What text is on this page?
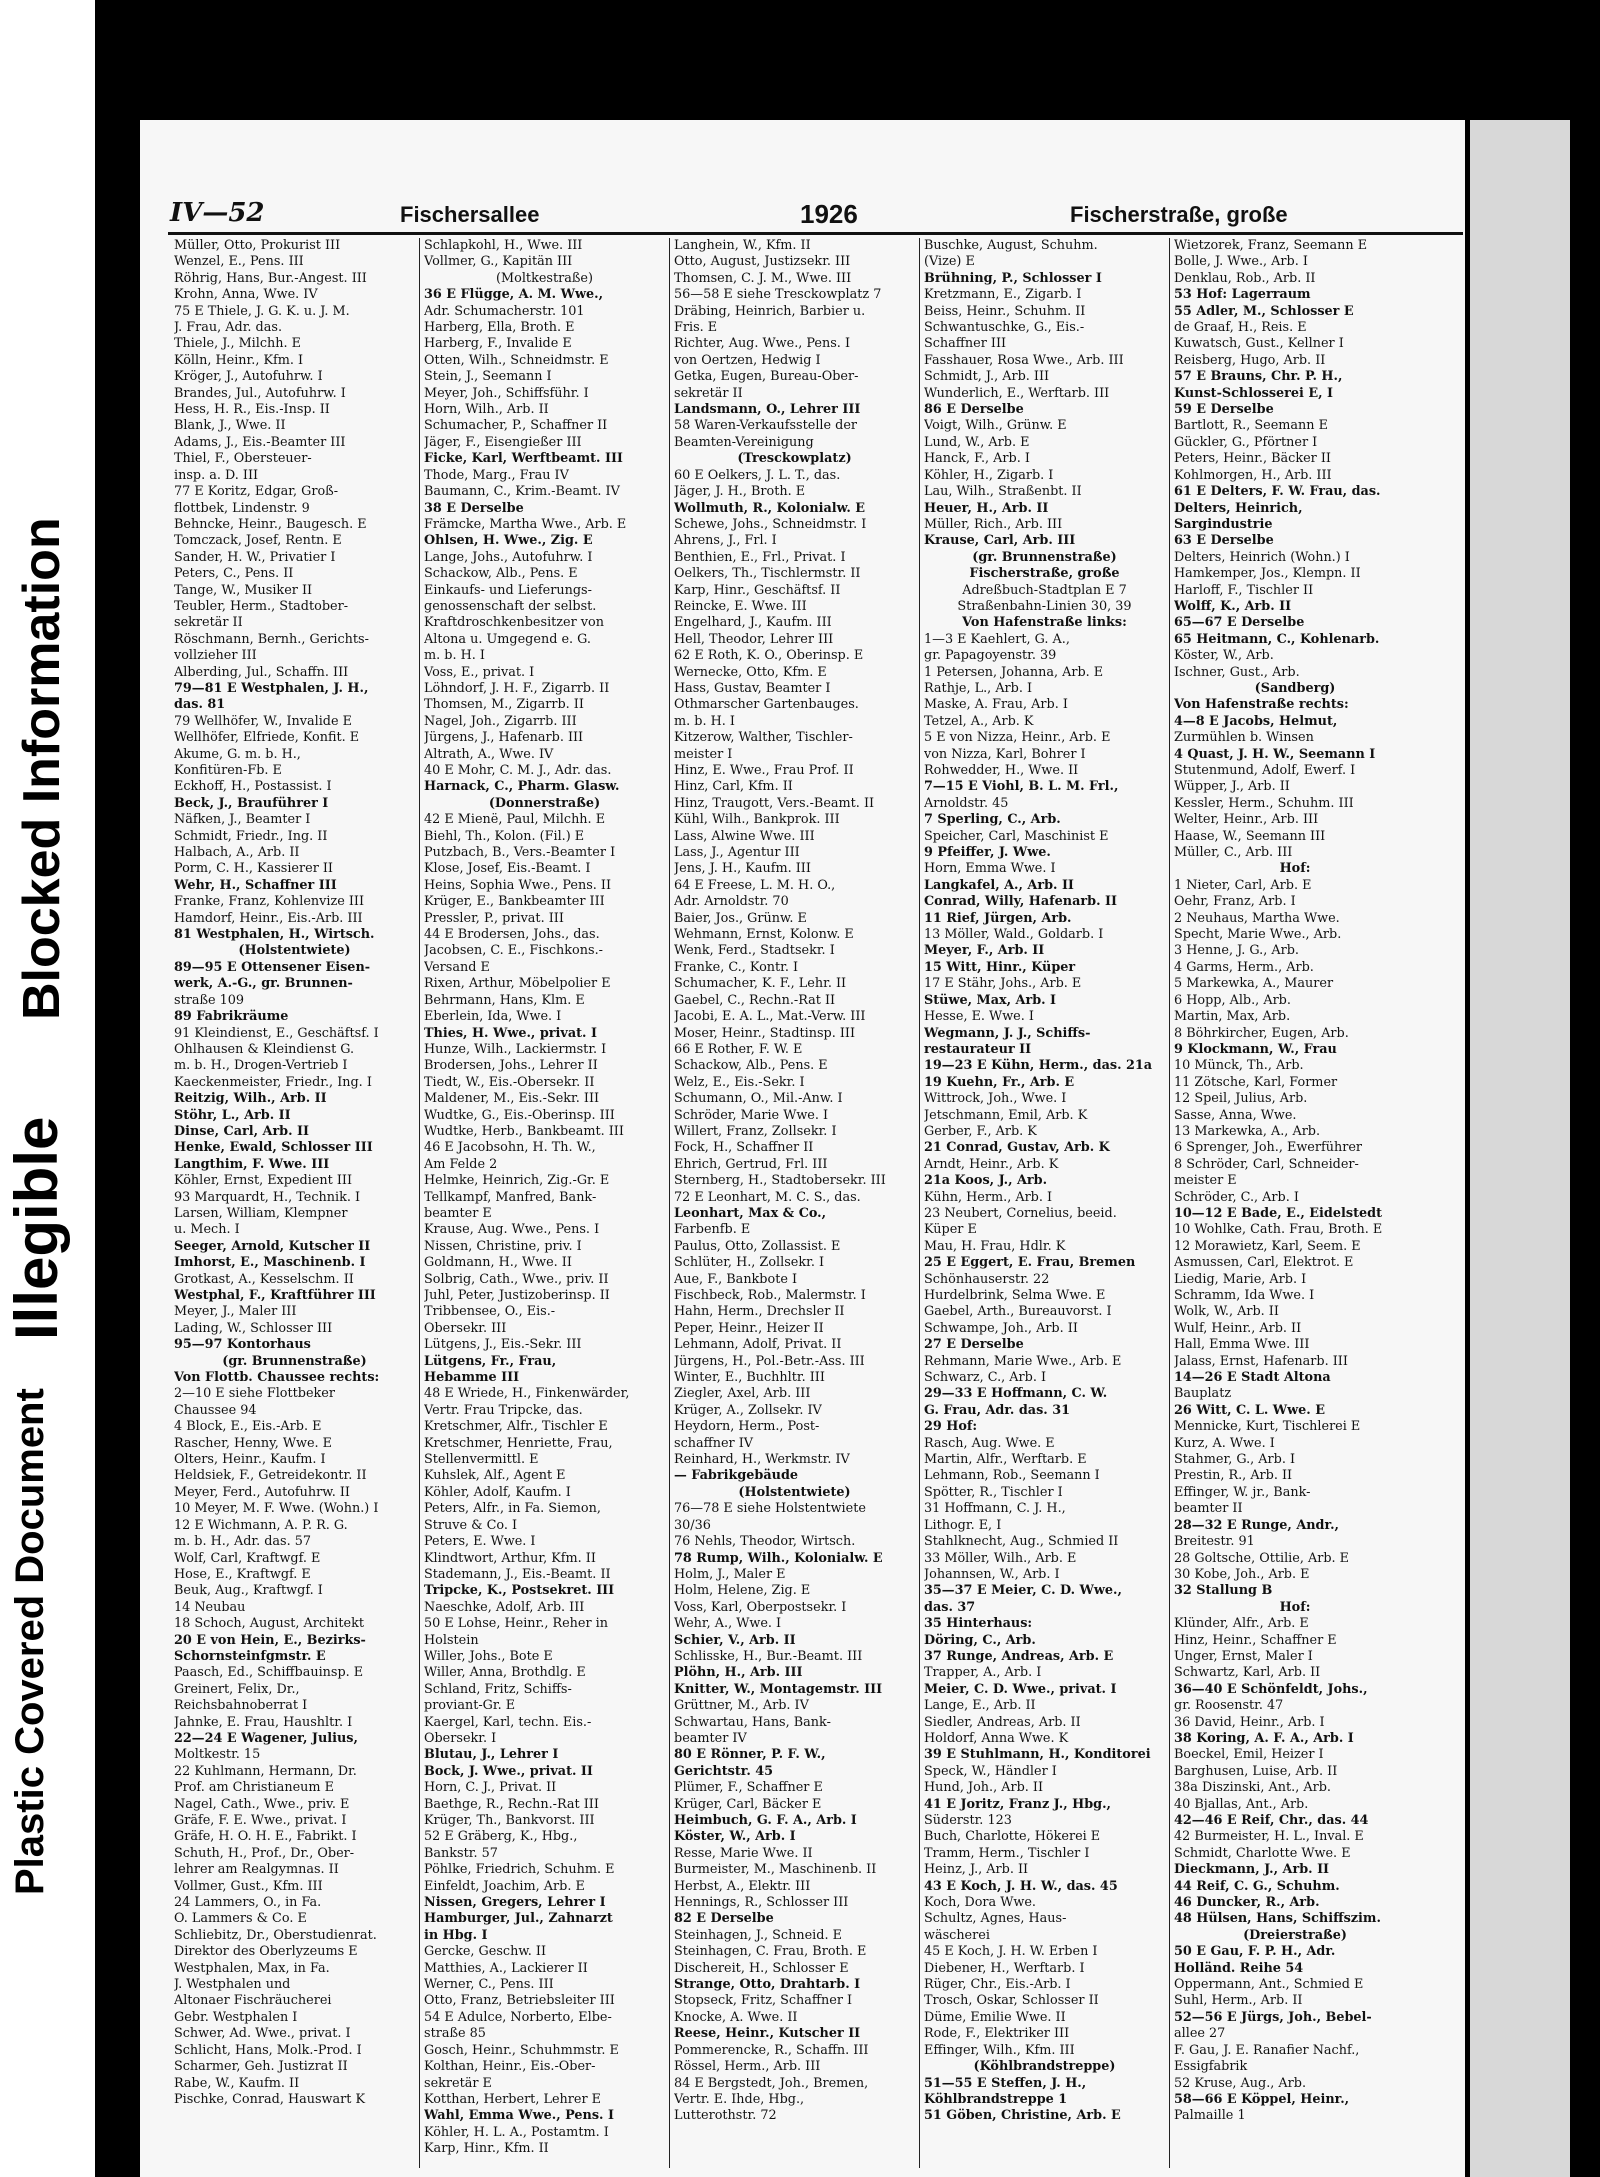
Plastic Covered Document
Illegible
Blocked Information
IV—52	Fischersallee	1926	Fischerstraße, große
Müller, Otto, Prokurist III
Wenzel, E., Pens. III
Röhrig, Hans, Bur.-Angest. III
Krohn, Anna, Wwe. IV
75 E Thiele, J. G. K. u. J. M.
J. Frau, Adr. das.
Thiele, J., Milchh. E
Kölln, Heinr., Kfm. I
Kröger, J., Autofuhrw. I
Brandes, Jul., Autofuhrw. I
Hess, H. R., Eis.-Insp. II
Blank, J., Wwe. II
Adams, J., Eis.-Beamter III
Thiel, F., Obersteuer-
insp. a. D. III
77 E Koritz, Edgar, Groß-
flottbek, Lindenstr. 9
Behncke, Heinr., Baugesch. E
Tomczack, Josef, Rentn. E
Sander, H. W., Privatier I
Peters, C., Pens. II
Tange, W., Musiker II
Teubler, Herm., Stadtober-
sekretär II
Röschmann, Bernh., Gerichts-
vollzieher III
Alberding, Jul., Schaffn. III
79—81 E Westphalen, J. H.,
das. 81
79 Wellhöfer, W., Invalide E
Wellhöfer, Elfriede, Konfit. E
Akume, G. m. b. H.,
Konfitüren-Fb. E
Eckhoff, H., Postassist. I
Beck, J., Brauführer I
Näfken, J., Beamter I
Schmidt, Friedr., Ing. II
Halbach, A., Arb. II
Porm, C. H., Kassierer II
Wehr, H., Schaffner III
Franke, Franz, Kohlenvize III
Hamdorf, Heinr., Eis.-Arb. III
81 Westphalen, H., Wirtsch.
(Holstentwiete)
89—95 E Ottensener Eisen-
werk, A.-G., gr. Brunnen-
straße 109
89 Fabrikräume
91 Kleindienst, E., Geschäftsf. I
Ohlhausen & Kleindienst G.
m. b. H., Drogen-Vertrieb I
Kaeckenmeister, Friedr., Ing. I
Reitzig, Wilh., Arb. II
Stöhr, L., Arb. II
Dinse, Carl, Arb. II
Henke, Ewald, Schlosser III
Langthim, F. Wwe. III
Köhler, Ernst, Expedient III
93 Marquardt, H., Technik. I
Larsen, William, Klempner
u. Mech. I
Seeger, Arnold, Kutscher II
Imhorst, E., Maschinenb. I
Grotkast, A., Kesselschm. II
Westphal, F., Kraftführer III
Meyer, J., Maler III
Lading, W., Schlosser III
95—97 Kontorhaus
(gr. Brunnenstraße)
Von Flottb. Chaussee rechts:
2—10 E siehe Flottbeker
Chaussee 94
4 Block, E., Eis.-Arb. E
Rascher, Henny, Wwe. E
Olters, Heinr., Kaufm. I
Heldsiek, F., Getreidekontr. II
Meyer, Ferd., Autofuhrw. II
10 Meyer, M. F. Wwe. (Wohn.) I
12 E Wichmann, A. P. R. G.
m. b. H., Adr. das. 57
Wolf, Carl, Kraftwgf. E
Hose, E., Kraftwgf. E
Beuk, Aug., Kraftwgf. I
14 Neubau
18 Schoch, August, Architekt
20 E von Hein, E., Bezirks-
Schornsteinfgmstr. E
Paasch, Ed., Schiffbauinsp. E
Greinert, Felix, Dr.,
Reichsbahnoberrat I
Jahnke, E. Frau, Haushltr. I
22—24 E Wagener, Julius,
Moltkestr. 15
22 Kuhlmann, Hermann, Dr.
Prof. am Christianeum E
Nagel, Cath., Wwe., priv. E
Gräfe, F. E. Wwe., privat. I
Gräfe, H. O. H. E., Fabrikt. I
Schuth, H., Prof., Dr., Ober-
lehrer am Realgymnas. II
Vollmer, Gust., Kfm. III
24 Lammers, O., in Fa.
O. Lammers & Co. E
Schliebitz, Dr., Oberstudienrat.
Direktor des Oberlyzeums E
Westphalen, Max, in Fa.
J. Westphalen und
Altonaer Fischräucherei
Gebr. Westphalen I
Schwer, Ad. Wwe., privat. I
Schlicht, Hans, Molk.-Prod. I
Scharmer, Geh. Justizrat II
Rabe, W., Kaufm. II
Pischke, Conrad, Hauswart K
Schlapkohl, H., Wwe. III
Vollmer, G., Kapitän III
(Moltkestraße)
36 E Flügge, A. M. Wwe.,
Adr. Schumacherstr. 101
Harberg, Ella, Broth. E
Harberg, F., Invalide E
Otten, Wilh., Schneidmstr. E
Stein, J., Seemann I
Meyer, Joh., Schiffsführ. I
Horn, Wilh., Arb. II
Schumacher, P., Schaffner II
Jäger, F., Eisengießer III
Ficke, Karl, Werftbeamt. III
Thode, Marg., Frau IV
Baumann, C., Krim.-Beamt. IV
38 E Derselbe
Främcke, Martha Wwe., Arb. E
Ohlsen, H. Wwe., Zig. E
Lange, Johs., Autofuhrw. I
Schackow, Alb., Pens. E
Einkaufs- und Lieferungs-
genossenschaft der selbst.
Kraftdroschkenbesitzer von
Altona u. Umgegend e. G.
m. b. H. I
Voss, E., privat. I
Löhndorf, J. H. F., Zigarrb. II
Thomsen, M., Zigarrb. II
Nagel, Joh., Zigarrb. III
Jürgens, J., Hafenarb. III
Altrath, A., Wwe. IV
40 E Mohr, C. M. J., Adr. das.
Harnack, C., Pharm. Glasw.
(Donnerstraße)
42 E Mienë, Paul, Milchh. E
Biehl, Th., Kolon. (Fil.) E
Putzbach, B., Vers.-Beamter I
Klose, Josef, Eis.-Beamt. I
Heins, Sophia Wwe., Pens. II
Krüger, E., Bankbeamter III
Pressler, P., privat. III
44 E Brodersen, Johs., das.
Jacobsen, C. E., Fischkons.-
Versand E
Rixen, Arthur, Möbelpolier E
Behrmann, Hans, Klm. E
Eberlein, Ida, Wwe. I
Thies, H. Wwe., privat. I
Hunze, Wilh., Lackiermstr. I
Brodersen, Johs., Lehrer II
Tiedt, W., Eis.-Obersekr. II
Maldener, M., Eis.-Sekr. III
Wudtke, G., Eis.-Oberinsp. III
Wudtke, Herb., Bankbeamt. III
46 E Jacobsohn, H. Th. W.,
Am Felde 2
Helmke, Heinrich, Zig.-Gr. E
Tellkampf, Manfred, Bank-
beamter E
Krause, Aug. Wwe., Pens. I
Nissen, Christine, priv. I
Goldmann, H., Wwe. II
Solbrig, Cath., Wwe., priv. II
Juhl, Peter, Justizoberinsp. II
Tribbensee, O., Eis.-
Obersekr. III
Lütgens, J., Eis.-Sekr. III
Lütgens, Fr., Frau,
Hebamme III
48 E Wriede, H., Finkenwärder,
Vertr. Frau Tripcke, das.
Kretschmer, Alfr., Tischler E
Kretschmer, Henriette, Frau,
Stellenvermittl. E
Kuhslek, Alf., Agent E
Köhler, Adolf, Kaufm. I
Peters, Alfr., in Fa. Siemon,
Struve & Co. I
Peters, E. Wwe. I
Klindtwort, Arthur, Kfm. II
Stademann, J., Eis.-Beamt. II
Tripcke, K., Postsekret. III
Naeschke, Adolf, Arb. III
50 E Lohse, Heinr., Reher in
Holstein
Willer, Johs., Bote E
Willer, Anna, Brothdlg. E
Schland, Fritz, Schiffs-
proviant-Gr. E
Kaergel, Karl, techn. Eis.-
Obersekr. I
Blutau, J., Lehrer I
Bock, J. Wwe., privat. II
Horn, C. J., Privat. II
Baethge, R., Rechn.-Rat III
Krüger, Th., Bankvorst. III
52 E Gräberg, K., Hbg.,
Bankstr. 57
Pöhlke, Friedrich, Schuhm. E
Einfeldt, Joachim, Arb. E
Nissen, Gregers, Lehrer I
Hamburger, Jul., Zahnarzt
in Hbg. I
Gercke, Geschw. II
Matthies, A., Lackierer II
Werner, C., Pens. III
Otto, Franz, Betriebsleiter III
54 E Adulce, Norberto, Elbe-
straße 85
Gosch, Heinr., Schuhmmstr. E
Kolthan, Heinr., Eis.-Ober-
sekretär E
Kotthan, Herbert, Lehrer E
Wahl, Emma Wwe., Pens. I
Köhler, H. L. A., Postamtm. I
Karp, Hinr., Kfm. II
Langhein, W., Kfm. II
Otto, August, Justizsekr. III
Thomsen, C. J. M., Wwe. III
56—58 E siehe Tresckowplatz 7
Dräbing, Heinrich, Barbier u.
Fris. E
Richter, Aug. Wwe., Pens. I
von Oertzen, Hedwig I
Getka, Eugen, Bureau-Ober-
sekretär II
Landsmann, O., Lehrer III
58 Waren-Verkaufsstelle der
Beamten-Vereinigung
(Tresckowplatz)
60 E Oelkers, J. L. T., das.
Jäger, J. H., Broth. E
Wollmuth, R., Kolonialw. E
Schewe, Johs., Schneidmstr. I
Ahrens, J., Frl. I
Benthien, E., Frl., Privat. I
Oelkers, Th., Tischlermstr. II
Karp, Hinr., Geschäftsf. II
Reincke, E. Wwe. III
Engelhard, J., Kaufm. III
Hell, Theodor, Lehrer III
62 E Roth, K. O., Oberinsp. E
Wernecke, Otto, Kfm. E
Hass, Gustav, Beamter I
Othmarscher Gartenbauges.
m. b. H. I
Kitzerow, Walther, Tischler-
meister I
Hinz, E. Wwe., Frau Prof. II
Hinz, Carl, Kfm. II
Hinz, Traugott, Vers.-Beamt. II
Kühl, Wilh., Bankprok. III
Lass, Alwine Wwe. III
Lass, J., Agentur III
Jens, J. H., Kaufm. III
64 E Freese, L. M. H. O.,
Adr. Arnoldstr. 70
Baier, Jos., Grünw. E
Wehmann, Ernst, Kolonw. E
Wenk, Ferd., Stadtsekr. I
Franke, C., Kontr. I
Schumacher, K. F., Lehr. II
Gaebel, C., Rechn.-Rat II
Jacobi, E. A. L., Mat.-Verw. III
Moser, Heinr., Stadtinsp. III
66 E Rother, F. W. E
Schackow, Alb., Pens. E
Welz, E., Eis.-Sekr. I
Schumann, O., Mil.-Anw. I
Schröder, Marie Wwe. I
Willert, Franz, Zollsekr. I
Fock, H., Schaffner II
Ehrich, Gertrud, Frl. III
Sternberg, H., Stadtobersekr. III
72 E Leonhart, M. C. S., das.
Leonhart, Max & Co.,
Farbenfb. E
Paulus, Otto, Zollassist. E
Schlüter, H., Zollsekr. I
Aue, F., Bankbote I
Fischbeck, Rob., Malermstr. I
Hahn, Herm., Drechsler II
Peper, Heinr., Heizer II
Lehmann, Adolf, Privat. II
Jürgens, H., Pol.-Betr.-Ass. III
Winter, E., Buchhltr. III
Ziegler, Axel, Arb. III
Krüger, A., Zollsekr. IV
Heydorn, Herm., Post-
schaffner IV
Reinhard, H., Werkmstr. IV
— Fabrikgebäude
(Holstentwiete)
76—78 E siehe Holstentwiete
30/36
76 Nehls, Theodor, Wirtsch.
78 Rump, Wilh., Kolonialw. E
Holm, J., Maler E
Holm, Helene, Zig. E
Voss, Karl, Oberpostsekr. I
Wehr, A., Wwe. I
Schier, V., Arb. II
Schlisske, H., Bur.-Beamt. III
Plöhn, H., Arb. III
Knitter, W., Montagemstr. III
Grüttner, M., Arb. IV
Schwartau, Hans, Bank-
beamter IV
80 E Rönner, P. F. W.,
Gerichtstr. 45
Plümer, F., Schaffner E
Krüger, Carl, Bäcker E
Heimbuch, G. F. A., Arb. I
Köster, W., Arb. I
Resse, Marie Wwe. II
Burmeister, M., Maschinenb. II
Herbst, A., Elektr. III
Hennings, R., Schlosser III
82 E Derselbe
Steinhagen, J., Schneid. E
Steinhagen, C. Frau, Broth. E
Dischereit, H., Schlosser E
Strange, Otto, Drahtarb. I
Stopseck, Fritz, Schaffner I
Knocke, A. Wwe. II
Reese, Heinr., Kutscher II
Pommerencke, R., Schaffn. III
Rössel, Herm., Arb. III
84 E Bergstedt, Joh., Bremen,
Vertr. E. Ihde, Hbg.,
Lutterothstr. 72
Buschke, August, Schuhm.
(Vize) E
Brühning, P., Schlosser I
Kretzmann, E., Zigarb. I
Beiss, Heinr., Schuhm. II
Schwantuschke, G., Eis.-
Schaffner III
Fasshauer, Rosa Wwe., Arb. III
Schmidt, J., Arb. III
Wunderlich, E., Werftarb. III
86 E Derselbe
Voigt, Wilh., Grünw. E
Lund, W., Arb. E
Hanck, F., Arb. I
Köhler, H., Zigarb. I
Lau, Wilh., Straßenbt. II
Heuer, H., Arb. II
Müller, Rich., Arb. III
Krause, Carl, Arb. III
(gr. Brunnenstraße)
Fischerstraße, große
Adreßbuch-Stadtplan E 7
Straßenbahn-Linien 30, 39
Von Hafenstraße links:
1—3 E Kaehlert, G. A.,
gr. Papagoyenstr. 39
1 Petersen, Johanna, Arb. E
Rathje, L., Arb. I
Maske, A. Frau, Arb. I
Tetzel, A., Arb. K
5 E von Nizza, Heinr., Arb. E
von Nizza, Karl, Bohrer I
Rohwedder, H., Wwe. II
7—15 E Viohl, B. L. M. Frl.,
Arnoldstr. 45
7 Sperling, C., Arb.
Speicher, Carl, Maschinist E
9 Pfeiffer, J. Wwe.
Horn, Emma Wwe. I
Langkafel, A., Arb. II
Conrad, Willy, Hafenarb. II
11 Rief, Jürgen, Arb.
13 Möller, Wald., Goldarb. I
Meyer, F., Arb. II
15 Witt, Hinr., Küper
17 E Stähr, Johs., Arb. E
Stüwe, Max, Arb. I
Hesse, E. Wwe. I
Wegmann, J. J., Schiffs-
restaurateur II
19—23 E Kühn, Herm., das. 21a
19 Kuehn, Fr., Arb. E
Wittrock, Joh., Wwe. I
Jetschmann, Emil, Arb. K
Gerber, F., Arb. K
21 Conrad, Gustav, Arb. K
Arndt, Heinr., Arb. K
21a Koos, J., Arb.
Kühn, Herm., Arb. I
23 Neubert, Cornelius, beeid.
Küper E
Mau, H. Frau, Hdlr. K
25 E Eggert, E. Frau, Bremen
Schönhauserstr. 22
Hurdelbrink, Selma Wwe. E
Gaebel, Arth., Bureauvorst. I
Schwampe, Joh., Arb. II
27 E Derselbe
Rehmann, Marie Wwe., Arb. E
Schwarz, C., Arb. I
29—33 E Hoffmann, C. W.
G. Frau, Adr. das. 31
29 Hof:
Rasch, Aug. Wwe. E
Martin, Alfr., Werftarb. E
Lehmann, Rob., Seemann I
Spötter, R., Tischler I
31 Hoffmann, C. J. H.,
Lithogr. E, I
Stahlknecht, Aug., Schmied II
33 Möller, Wilh., Arb. E
Johannsen, W., Arb. I
35—37 E Meier, C. D. Wwe.,
das. 37
35 Hinterhaus:
Döring, C., Arb.
37 Runge, Andreas, Arb. E
Trapper, A., Arb. I
Meier, C. D. Wwe., privat. I
Lange, E., Arb. II
Siedler, Andreas, Arb. II
Holdorf, Anna Wwe. K
39 E Stuhlmann, H., Konditorei
Speck, W., Händler I
Hund, Joh., Arb. II
41 E Joritz, Franz J., Hbg.,
Süderstr. 123
Buch, Charlotte, Hökerei E
Tramm, Herm., Tischler I
Heinz, J., Arb. II
43 E Koch, J. H. W., das. 45
Koch, Dora Wwe.
Schultz, Agnes, Haus-
wäscherei
45 E Koch, J. H. W. Erben I
Diebener, H., Werftarb. I
Rüger, Chr., Eis.-Arb. I
Trosch, Oskar, Schlosser II
Düme, Emilie Wwe. II
Rode, F., Elektriker III
Effinger, Wilh., Kfm. III
(Köhlbrandstreppe)
51—55 E Steffen, J. H.,
Köhlbrandstreppe 1
51 Göben, Christine, Arb. E
Wietzorek, Franz, Seemann E
Bolle, J. Wwe., Arb. I
Denklau, Rob., Arb. II
53 Hof: Lagerraum
55 Adler, M., Schlosser E
de Graaf, H., Reis. E
Kuwatsch, Gust., Kellner I
Reisberg, Hugo, Arb. II
57 E Brauns, Chr. P. H.,
Kunst-Schlosserei E, I
59 E Derselbe
Bartlott, R., Seemann E
Gückler, G., Pförtner I
Peters, Heinr., Bäcker II
Kohlmorgen, H., Arb. III
61 E Delters, F. W. Frau, das.
Delters, Heinrich,
Sargindustrie
63 E Derselbe
Delters, Heinrich (Wohn.) I
Hamkemper, Jos., Klempn. II
Harloff, F., Tischler II
Wolff, K., Arb. II
65—67 E Derselbe
65 Heitmann, C., Kohlenarb.
Köster, W., Arb.
Ischner, Gust., Arb.
(Sandberg)
Von Hafenstraße rechts:
4—8 E Jacobs, Helmut,
Zurmühlen b. Winsen
4 Quast, J. H. W., Seemann I
Stutenmund, Adolf, Ewerf. I
Wüpper, J., Arb. II
Kessler, Herm., Schuhm. III
Welter, Heinr., Arb. III
Haase, W., Seemann III
Müller, C., Arb. III
Hof:
1 Nieter, Carl, Arb. E
Oehr, Franz, Arb. I
2 Neuhaus, Martha Wwe.
Specht, Marie Wwe., Arb.
3 Henne, J. G., Arb.
4 Garms, Herm., Arb.
5 Markewka, A., Maurer
6 Hopp, Alb., Arb.
Martin, Max, Arb.
8 Böhrkircher, Eugen, Arb.
9 Klockmann, W., Frau
10 Münck, Th., Arb.
11 Zötsche, Karl, Former
12 Speil, Julius, Arb.
Sasse, Anna, Wwe.
13 Markewka, A., Arb.
6 Sprenger, Joh., Ewerführer
8 Schröder, Carl, Schneider-
meister E
Schröder, C., Arb. I
10—12 E Bade, E., Eidelstedt
10 Wohlke, Cath. Frau, Broth. E
12 Morawietz, Karl, Seem. E
Asmussen, Carl, Elektrot. E
Liedig, Marie, Arb. I
Schramm, Ida Wwe. I
Wolk, W., Arb. II
Wulf, Heinr., Arb. II
Hall, Emma Wwe. III
Jalass, Ernst, Hafenarb. III
14—26 E Stadt Altona
Bauplatz
26 Witt, C. L. Wwe. E
Mennicke, Kurt, Tischlerei E
Kurz, A. Wwe. I
Stahmer, G., Arb. I
Prestin, R., Arb. II
Effinger, W. jr., Bank-
beamter II
28—32 E Runge, Andr.,
Breitestr. 91
28 Goltsche, Ottilie, Arb. E
30 Kobe, Joh., Arb. E
32 Stallung B
Hof:
Klünder, Alfr., Arb. E
Hinz, Heinr., Schaffner E
Unger, Ernst, Maler I
Schwartz, Karl, Arb. II
36—40 E Schönfeldt, Johs.,
gr. Roosenstr. 47
36 David, Heinr., Arb. I
38 Koring, A. F. A., Arb. I
Boeckel, Emil, Heizer I
Barghusen, Luise, Arb. II
38a Diszinski, Ant., Arb.
40 Bjallas, Ant., Arb.
42—46 E Reif, Chr., das. 44
42 Burmeister, H. L., Inval. E
Schmidt, Charlotte Wwe. E
Dieckmann, J., Arb. II
44 Reif, C. G., Schuhm.
46 Duncker, R., Arb.
48 Hülsen, Hans, Schiffszim.
(Dreierstraße)
50 E Gau, F. P. H., Adr.
Holländ. Reihe 54
Oppermann, Ant., Schmied E
Suhl, Herm., Arb. II
52—56 E Jürgs, Joh., Bebel-
allee 27
F. Gau, J. E. Ranafier Nachf.,
Essigfabrik
52 Kruse, Aug., Arb.
58—66 E Köppel, Heinr.,
Palmaille 1
